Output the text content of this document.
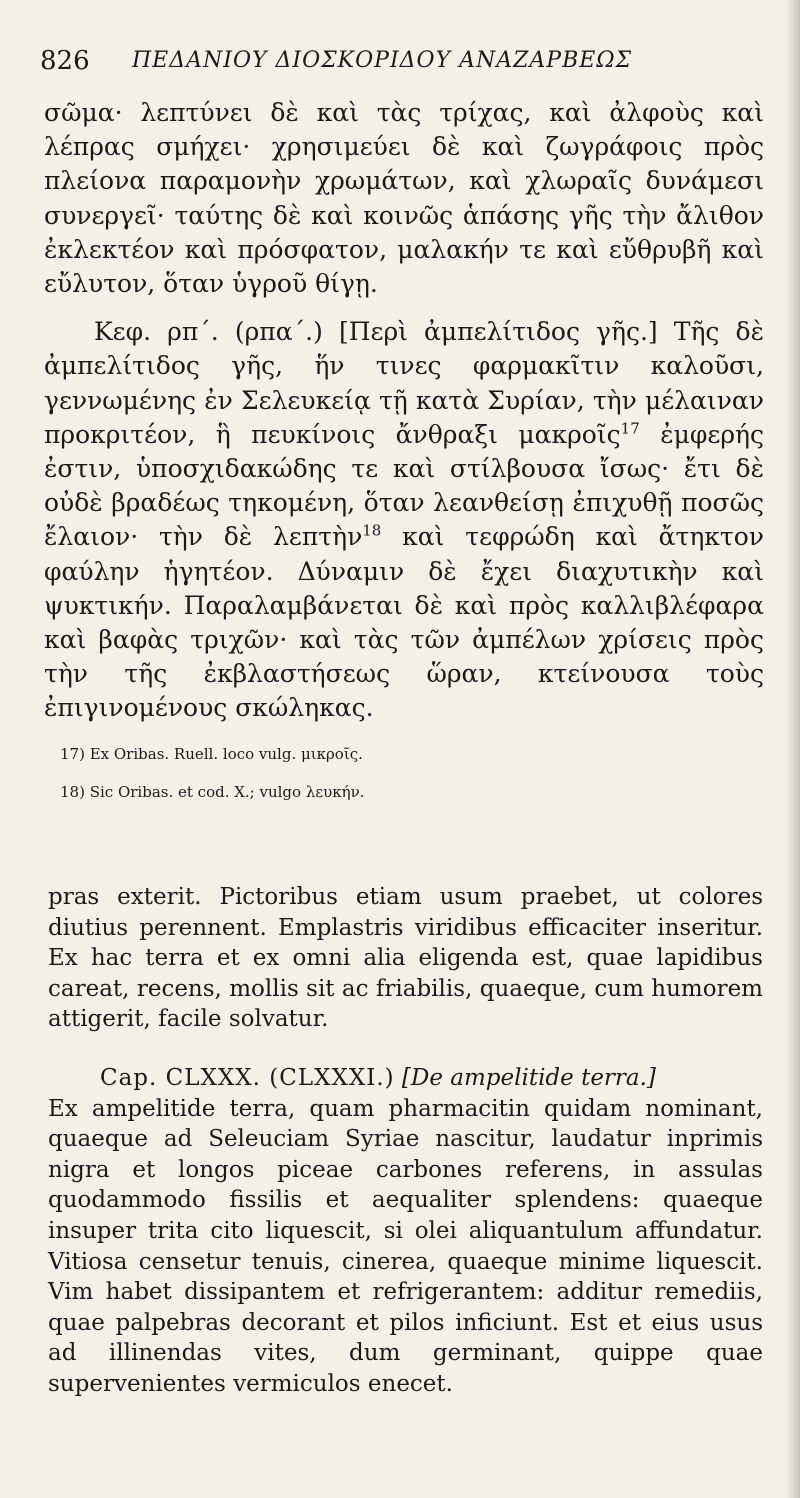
826 ΠΕΔΑΝΙΟΥ ΔΙΟΣΚΟΡΙΔΟΥ ΑΝΑΖΑΡΒΕΩΣ

σῶμα· λεπτύνει δὲ καὶ τὰς τρίχας, καὶ ἀλφοὺς καὶ λέπρας σμήχει· χρησιμεύει δὲ καὶ ζωγράφοις πρὸς πλείονα παραμονὴν χρωμάτων, καὶ χλωραῖς δυνάμεσι συνεργεῖ· ταύτης δὲ καὶ κοινῶς ἁπάσης γῆς τὴν ἄλιθον ἐκλεκτέον καὶ πρόσφατον, μαλακήν τε καὶ εὔθρυβῆ καὶ εὔλυτον, ὅταν ὑγροῦ θίγῃ.

Κεφ. ρπ΄. (ρπα΄.) [Περὶ ἀμπελίτιδος γῆς.] Τῆς δὲ ἀμπελίτιδος γῆς, ἥν τινες φαρμακῖτιν καλοῦσι, γεννωμένης ἐν Σελευκείᾳ τῇ κατὰ Συρίαν, τὴν μέλαιναν προκριτέον, ἣ πευκίνοις ἄνθραξι μακροῖς$^{17}$ ἐμφερής ἐστιν, ὑποσχιδακώδης τε καὶ στίλβουσα ἴσως· ἔτι δὲ οὐδὲ βραδέως τηκομένη, ὅταν λεανθείσῃ ἐπιχυθῇ ποσῶς ἔλαιον· τὴν δὲ λεπτὴν$^{18}$ καὶ τεφρώδη καὶ ἄτηκτον φαύλην ἡγητέον. Δύναμιν δὲ ἔχει διαχυτικὴν καὶ ψυκτικήν. Παραλαμβάνεται δὲ καὶ πρὸς καλλιβλέφαρα καὶ βαφὰς τριχῶν· καὶ τὰς τῶν ἀμπέλων χρίσεις πρὸς τὴν τῆς ἐκβλαστήσεως ὥραν, κτείνουσα τοὺς ἐπιγινομένους σκώληκας.

17) Ex Oribas. Ruell. loco vulg. μικροῖς.

18) Sic Oribas. et cod. X.; vulgo λευκήν.

pras exterit. Pictoribus etiam usum praebet, ut colores diutius perennent. Emplastris viridibus efficaciter inseritur. Ex hac terra et ex omni alia eligenda est, quae lapidibus careat, recens, mollis sit ac friabilis, quaeque, cum humorem attigerit, facile solvatur.

Cap. CLXXX. (CLXXXI.) [De ampelitide terra.]

Ex ampelitide terra, quam pharmacitin quidam nominant, quaeque ad Seleuciam Syriae nascitur, laudatur inprimis nigra et longos piceae carbones referens, in assulas quodammodo fissilis et aequaliter splendens: quaeque insuper trita cito liquescit, si olei aliquantulum affundatur. Vitiosa censetur tenuis, cinerea, quaeque minime liquescit. Vim habet dissipantem et refrigerantem: additur remediis, quae palpebras decorant et pilos inficiunt. Est et eius usus ad illinendas vites, dum germinant, quippe quae supervenientes vermiculos enecet.
